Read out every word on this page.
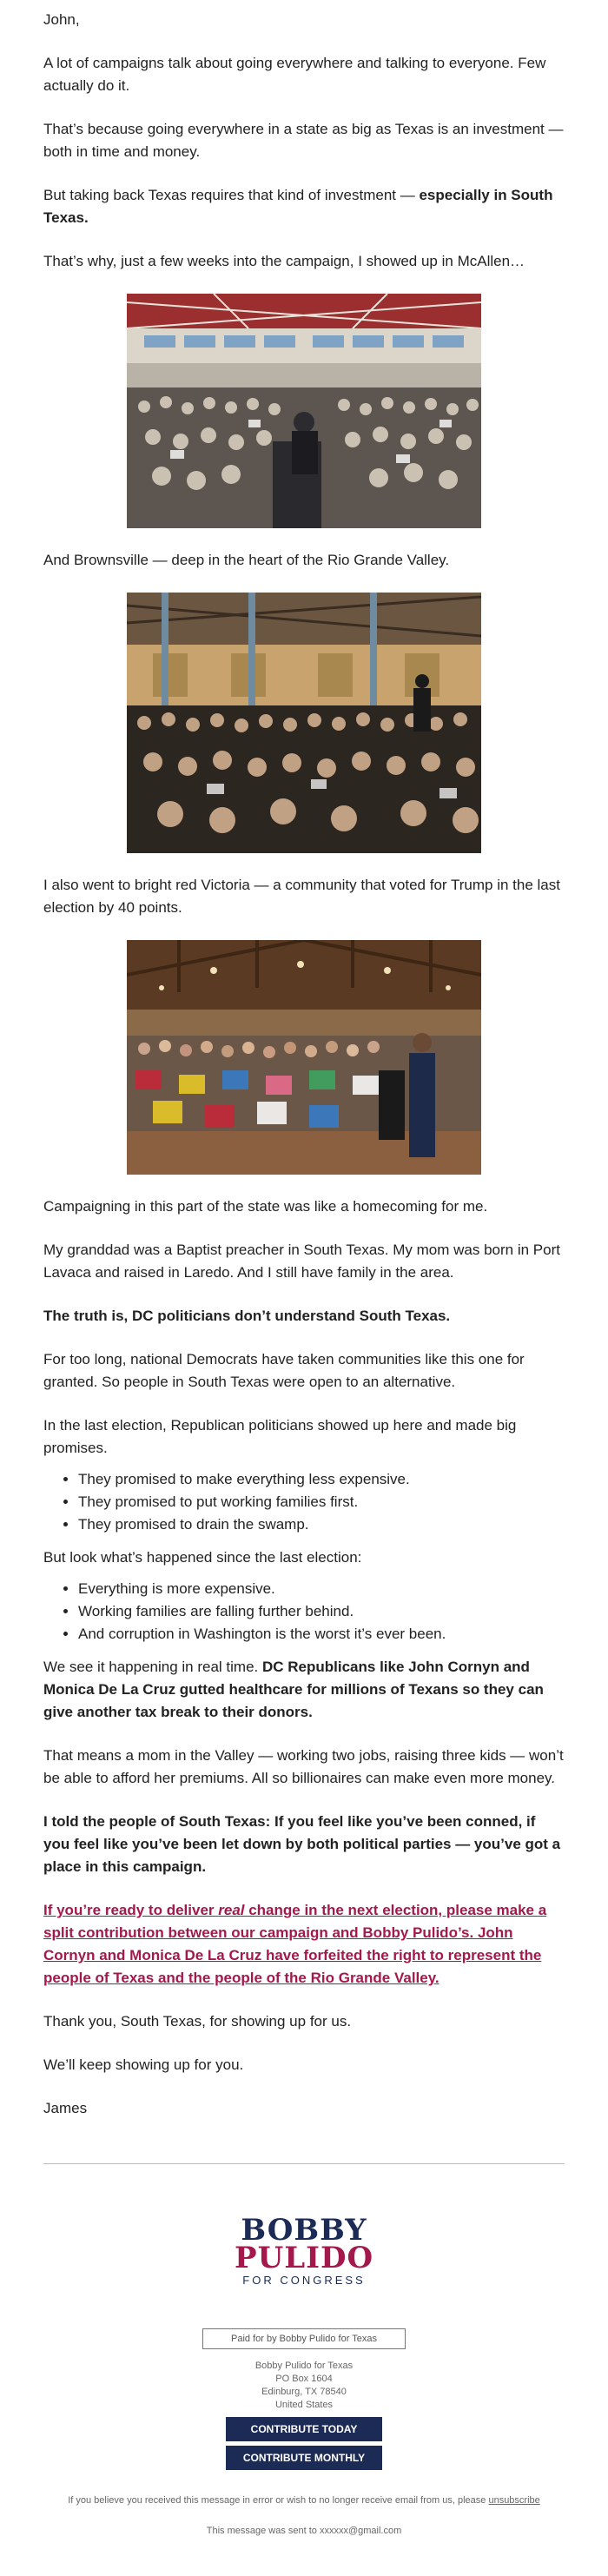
John,

A lot of campaigns talk about going everywhere and talking to everyone. Few actually do it.

That’s because going everywhere in a state as big as Texas is an investment — both in time and money.

But taking back Texas requires that kind of investment — especially in South Texas.

That’s why, just a few weeks into the campaign, I showed up in McAllen…

And Brownsville — deep in the heart of the Rio Grande Valley.

I also went to bright red Victoria — a community that voted for Trump in the last election by 40 points.

Campaigning in this part of the state was like a homecoming for me.

My granddad was a Baptist preacher in South Texas. My mom was born in Port Lavaca and raised in Laredo. And I still have family in the area.

The truth is, DC politicians don’t understand South Texas.

For too long, national Democrats have taken communities like this one for granted. So people in South Texas were open to an alternative.

In the last election, Republican politicians showed up here and made big promises.

• They promised to make everything less expensive.
• They promised to put working families first.
• They promised to drain the swamp.

But look what’s happened since the last election:

• Everything is more expensive.
• Working families are falling further behind.
• And corruption in Washington is the worst it’s ever been.

We see it happening in real time. DC Republicans like John Cornyn and Monica De La Cruz gutted healthcare for millions of Texans so they can give another tax break to their donors.

That means a mom in the Valley — working two jobs, raising three kids — won’t be able to afford her premiums. All so billionaires can make even more money.

I told the people of South Texas: If you feel like you’ve been conned, if you feel like you’ve been let down by both political parties — you’ve got a place in this campaign.

If you’re ready to deliver real change in the next election, please make a split contribution between our campaign and Bobby Pulido’s. John Cornyn and Monica De La Cruz have forfeited the right to represent the people of Texas and the people of the Rio Grande Valley.

Thank you, South Texas, for showing up for us.

We’ll keep showing up for you.

James

BOBBY
PULIDO
FOR CONGRESS
Paid for by Bobby Pulido for Texas
Bobby Pulido for Texas
PO Box 1604
Edinburg, TX 78540
United States
CONTRIBUTE TODAY
CONTRIBUTE MONTHLY
If you believe you received this message in error or wish to no longer receive email from us, please unsubscribe

This message was sent to xxxxxx@gmail.com
